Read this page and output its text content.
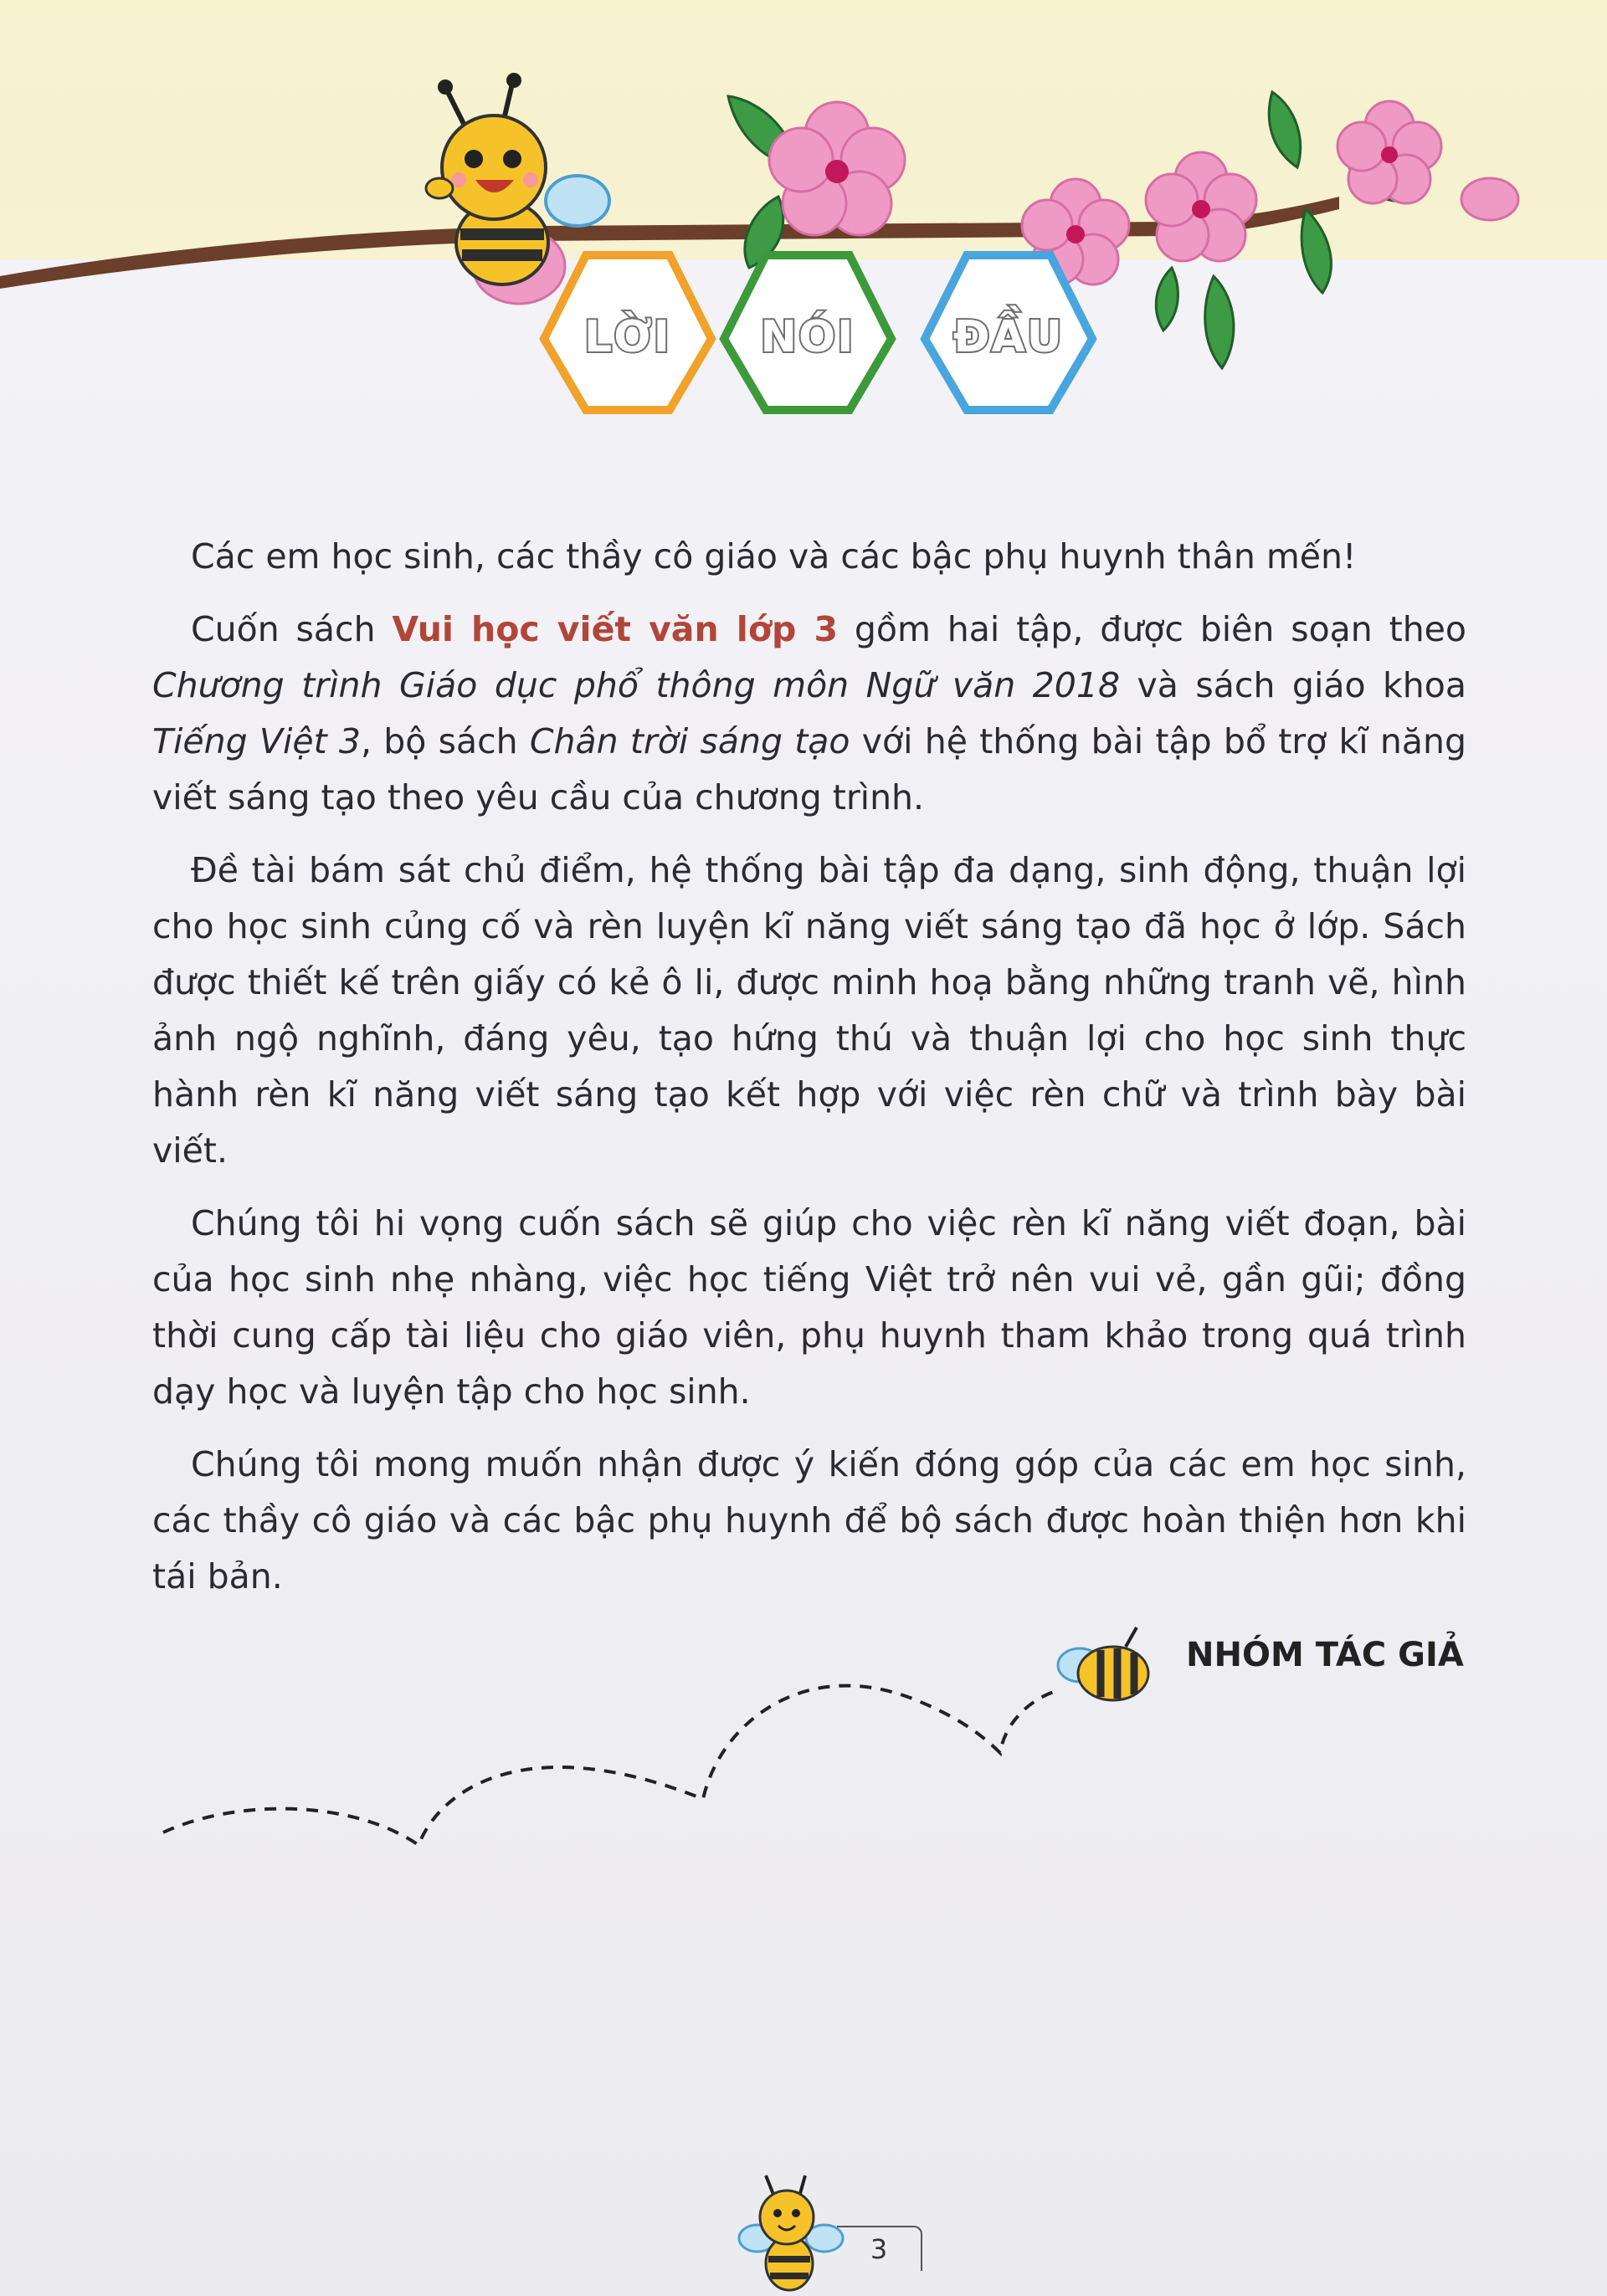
LỜI NÓI ĐẦU

Các em học sinh, các thầy cô giáo và các bậc phụ huynh thân mến!

Cuốn sách Vui học viết văn lớp 3 gồm hai tập, được biên soạn theo Chương trình Giáo dục phổ thông môn Ngữ văn 2018 và sách giáo khoa Tiếng Việt 3, bộ sách Chân trời sáng tạo với hệ thống bài tập bổ trợ kĩ năng viết sáng tạo theo yêu cầu của chương trình.

Đề tài bám sát chủ điểm, hệ thống bài tập đa dạng, sinh động, thuận lợi cho học sinh củng cố và rèn luyện kĩ năng viết sáng tạo đã học ở lớp. Sách được thiết kế trên giấy có kẻ ô li, được minh hoạ bằng những tranh vẽ, hình ảnh ngộ nghĩnh, đáng yêu, tạo hứng thú và thuận lợi cho học sinh thực hành rèn kĩ năng viết sáng tạo kết hợp với việc rèn chữ và trình bày bài viết.

Chúng tôi hi vọng cuốn sách sẽ giúp cho việc rèn kĩ năng viết đoạn, bài của học sinh nhẹ nhàng, việc học tiếng Việt trở nên vui vẻ, gần gũi; đồng thời cung cấp tài liệu cho giáo viên, phụ huynh tham khảo trong quá trình dạy học và luyện tập cho học sinh.

Chúng tôi mong muốn nhận được ý kiến đóng góp của các em học sinh, các thầy cô giáo và các bậc phụ huynh để bộ sách được hoàn thiện hơn khi tái bản.

NHÓM TÁC GIẢ
3
